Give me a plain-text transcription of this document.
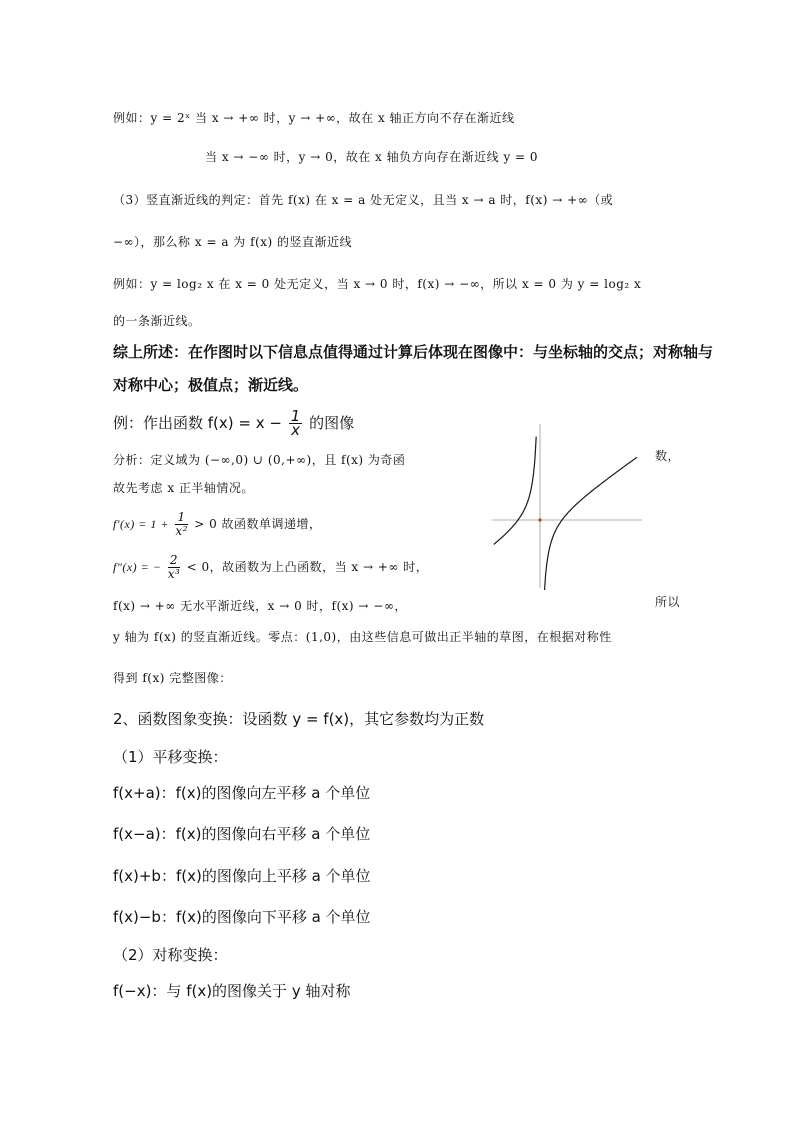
例如：y = 2ˣ 当 x → +∞ 时，y → +∞，故在 x 轴正方向不存在渐近线
当 x → −∞ 时，y → 0，故在 x 轴负方向存在渐近线 y = 0
（3）竖直渐近线的判定：首先 f(x) 在 x = a 处无定义，且当 x → a 时，f(x) → +∞（或
−∞），那么称 x = a 为 f(x) 的竖直渐近线
例如：y = log₂ x 在 x = 0 处无定义，当 x → 0 时，f(x) → −∞，所以 x = 0 为 y = log₂ x
的一条渐近线。
综上所述：在作图时以下信息点值得通过计算后体现在图像中：与坐标轴的交点；对称轴与
对称中心；极值点；渐近线。
例：作出函数 $f(x) = x - \frac{1}{x}$ 的图像
分析：定义域为 (−∞,0) ∪ (0,+∞)，且 f(x) 为奇函	数，
故先考虑 x 正半轴情况。
$f'(x) = 1 + \frac{1}{\text{x²}} > 0$ 故函数单调递增，
f″(x) = − $\frac{2}{\text{x³}} < 0$，故函数为上凸函数，当 x → +∞ 时，
f(x) → +∞ 无水平渐近线，x → 0 时，f(x) → −∞，	所以
y 轴为 f(x) 的竖直渐近线。零点：(1,0)，由这些信息可做出正半轴的草图，在根据对称性
得到 f(x) 完整图像：
2、函数图象变换：设函数 y = f(x)，其它参数均为正数
（1）平移变换：
f(x+a)：f(x)的图像向左平移 a 个单位
f(x−a)：f(x)的图像向右平移 a 个单位
f(x)+b：f(x)的图像向上平移 a 个单位
f(x)−b：f(x)的图像向下平移 a 个单位
（2）对称变换：
f(−x)：与 f(x)的图像关于 y 轴对称
